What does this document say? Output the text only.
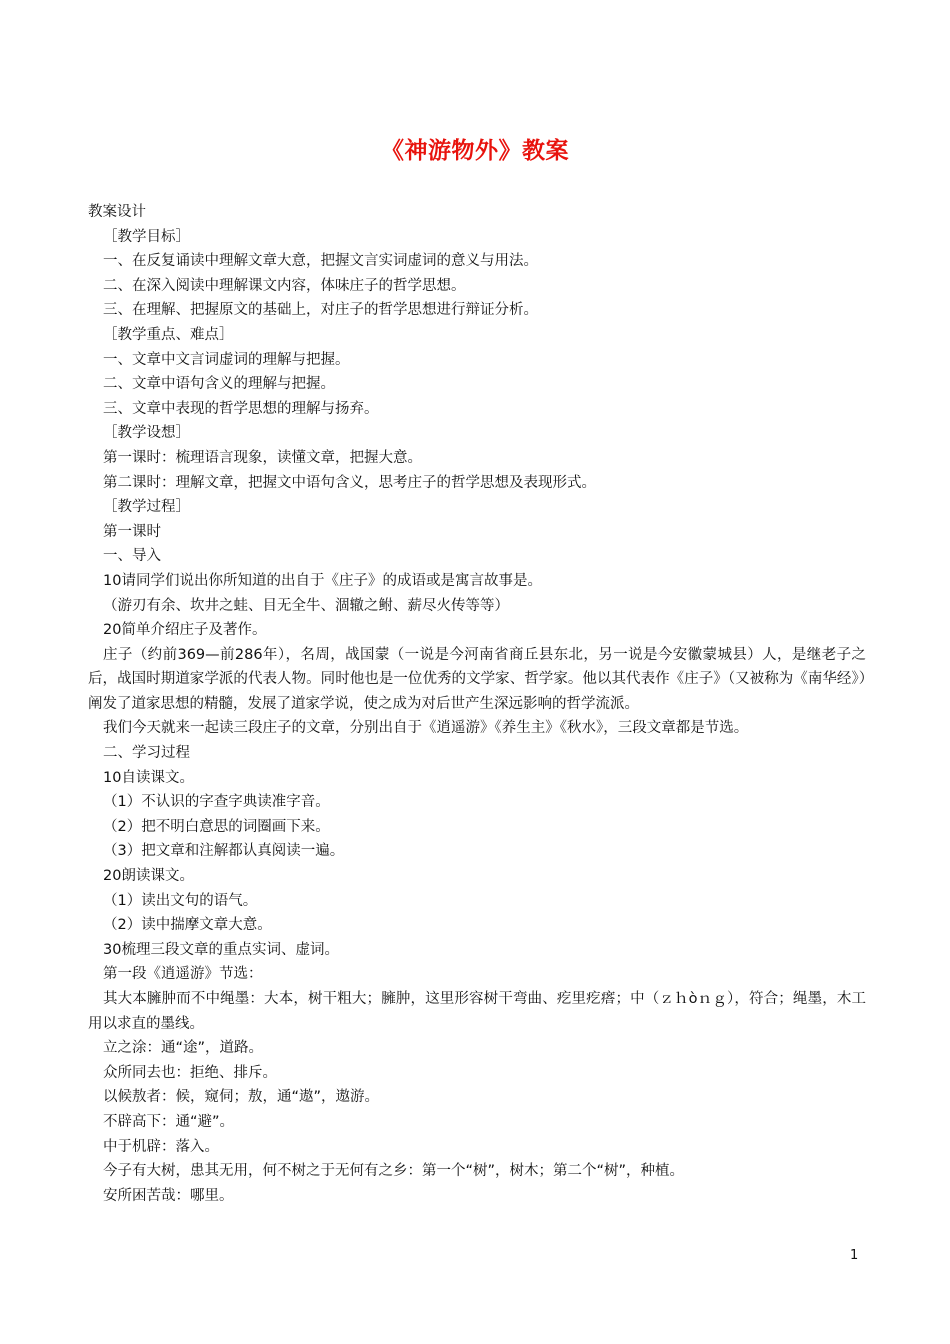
《神游物外》教案

教案设计

［教学目标］

一、在反复诵读中理解文章大意，把握文言实词虚词的意义与用法。

二、在深入阅读中理解课文内容，体味庄子的哲学思想。

三、在理解、把握原文的基础上，对庄子的哲学思想进行辩证分析。

［教学重点、难点］

一、文章中文言词虚词的理解与把握。

二、文章中语句含义的理解与把握。

三、文章中表现的哲学思想的理解与扬弃。

［教学设想］

第一课时：梳理语言现象，读懂文章，把握大意。

第二课时：理解文章，把握文中语句含义，思考庄子的哲学思想及表现形式。

［教学过程］

第一课时

一、导入

10请同学们说出你所知道的出自于《庄子》的成语或是寓言故事是。

（游刃有余、坎井之蛙、目无全牛、涸辙之鲋、薪尽火传等等）

20简单介绍庄子及著作。

庄子（约前369—前286年），名周，战国蒙（一说是今河南省商丘县东北，另一说是今安徽蒙城县）人，是继老子之后，战国时期道家学派的代表人物。同时他也是一位优秀的文学家、哲学家。他以其代表作《庄子》（又被称为《南华经》）阐发了道家思想的精髓，发展了道家学说，使之成为对后世产生深远影响的哲学流派。

我们今天就来一起读三段庄子的文章，分别出自于《逍遥游》《养生主》《秋水》，三段文章都是节选。

二、学习过程

10自读课文。

（1）不认识的字查字典读准字音。

（2）把不明白意思的词圈画下来。

（3）把文章和注解都认真阅读一遍。

20朗读课文。

（1）读出文句的语气。

（2）读中揣摩文章大意。

30梳理三段文章的重点实词、虚词。

第一段《逍遥游》节选：

其大本臃肿而不中绳墨：大本，树干粗大；臃肿，这里形容树干弯曲、疙里疙瘩；中（ｚｈòｎｇ），符合；绳墨，木工用以求直的墨线。

立之涂：通“途”，道路。

众所同去也：拒绝、排斥。

以候敖者：候，窥伺；敖，通“遨”，遨游。

不辟高下：通“避”。

中于机辟：落入。

今子有大树，患其无用，何不树之于无何有之乡：第一个“树”，树木；第二个“树”，种植。

安所困苦哉：哪里。

1
